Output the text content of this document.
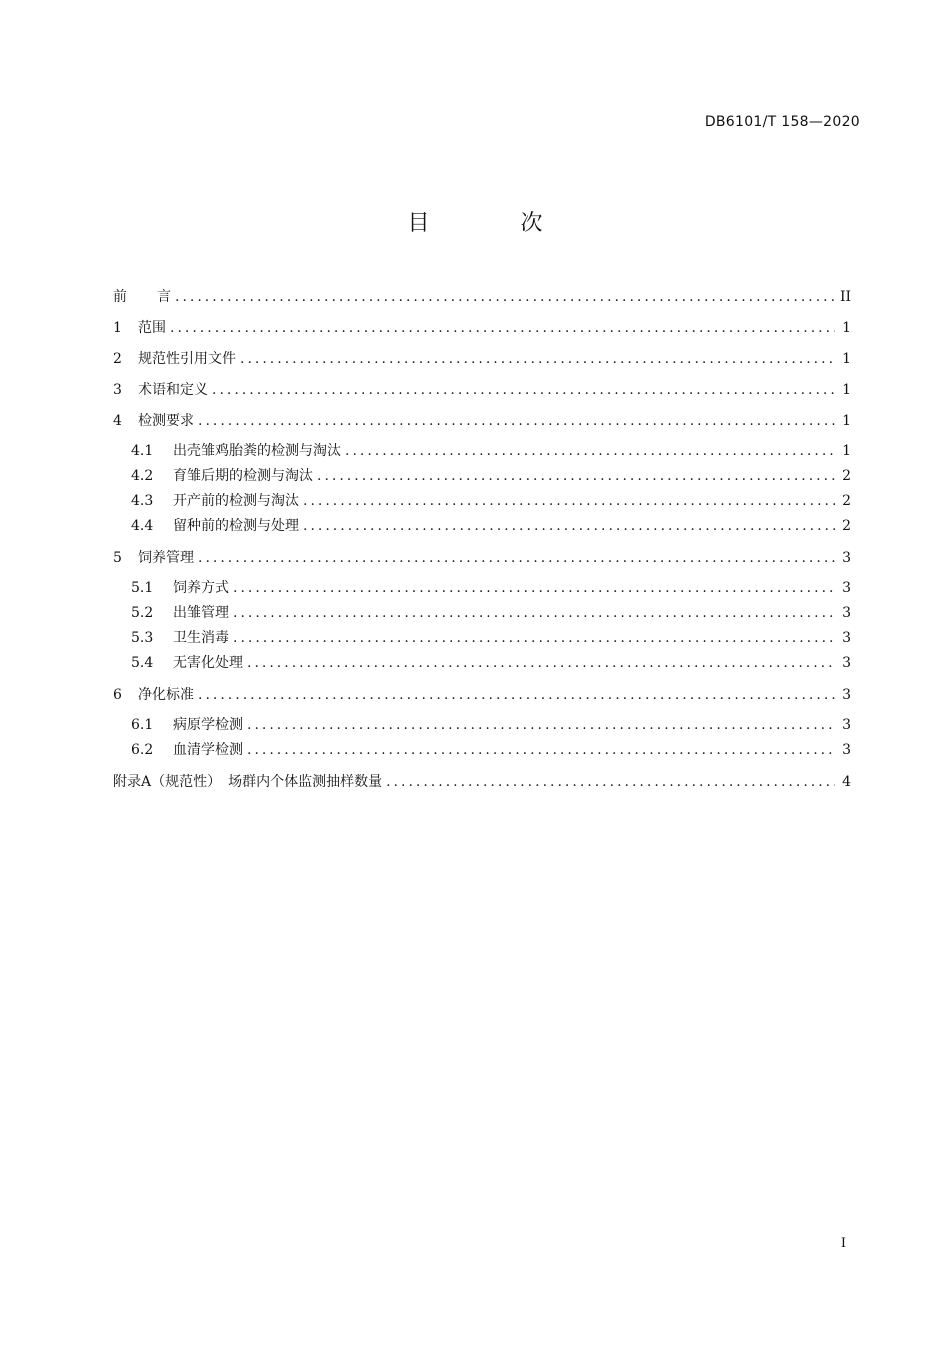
DB6101/T 158—2020
目 次
前 言 .....	II
1 范围 .....	1
2 规范性引用文件 .....	1
3 术语和定义 .....	1
4 检测要求 .....	1
4.1 出壳雏鸡胎粪的检测与淘汰 .....	1
4.2 育雏后期的检测与淘汰 .....	2
4.3 开产前的检测与淘汰 .....	2
4.4 留种前的检测与处理 .....	2
5 饲养管理 .....	3
5.1 饲养方式 .....	3
5.2 出雏管理 .....	3
5.3 卫生消毒 .....	3
5.4 无害化处理 .....	3
6 净化标准 .....	3
6.1 病原学检测 .....	3
6.2 血清学检测 .....	3
附录A（规范性）　场群内个体监测抽样数量 .....	4
I
